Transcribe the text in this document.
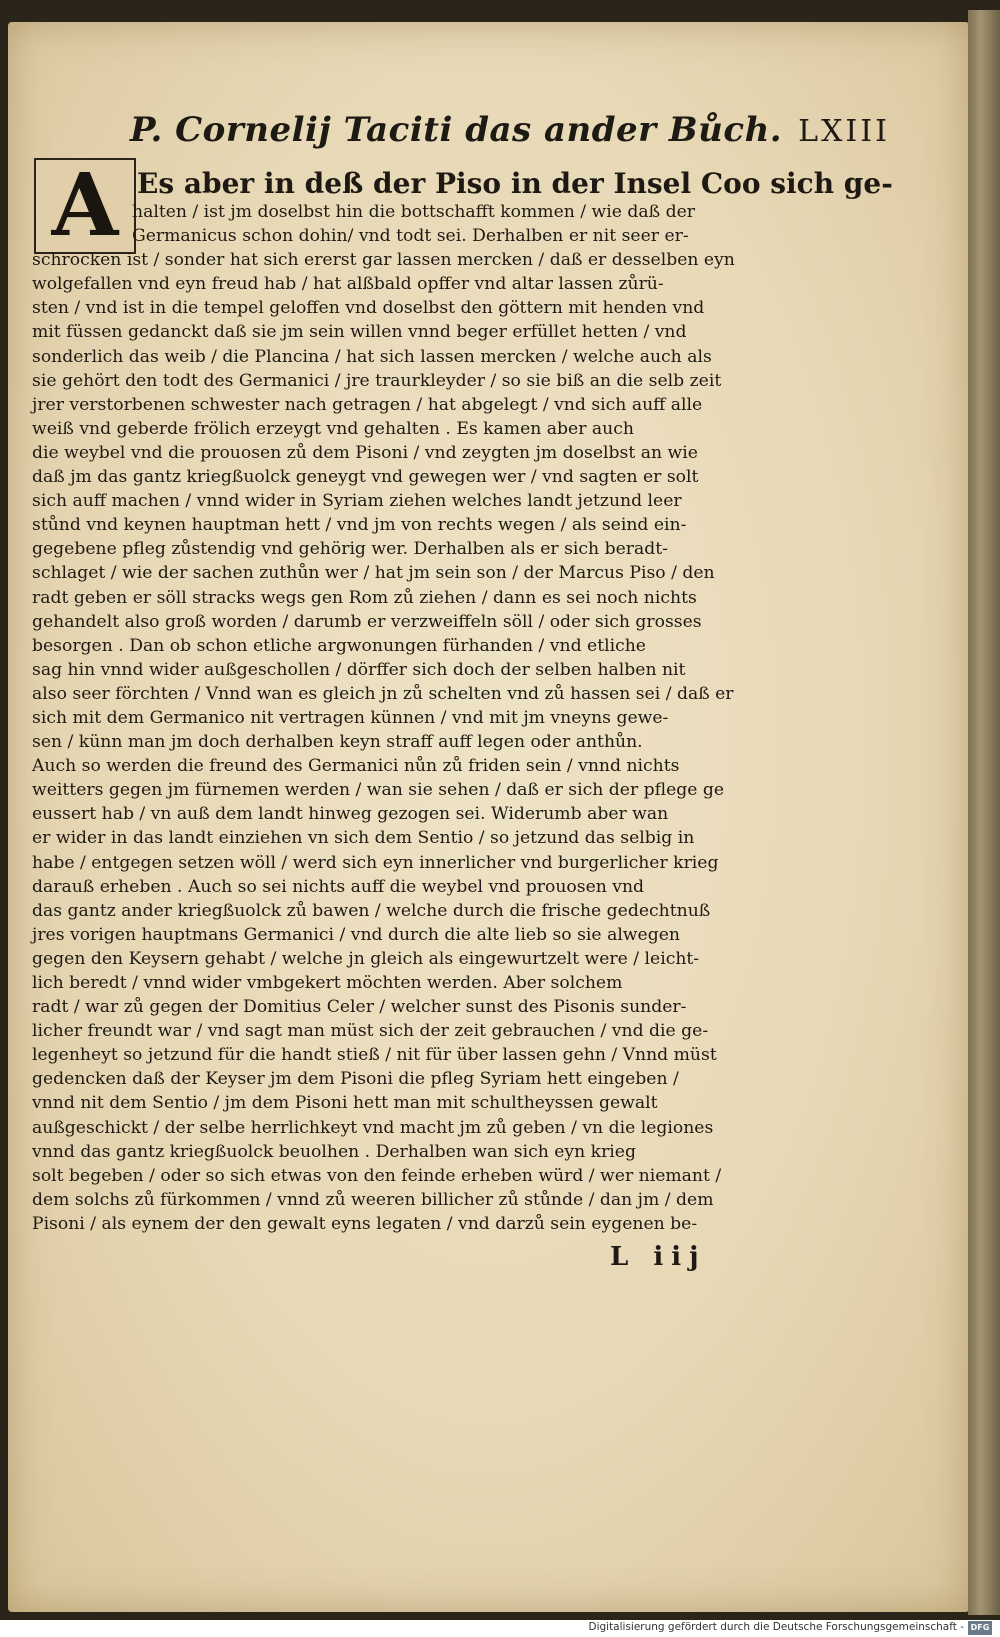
P. Cornelij Taciti das ander Bůch. LXIII
A Es aber in deß der Piso in der Insel Coo sich ge-
halten / ist jm doselbst hin die bottschafft kommen / wie daß der
Germanicus schon dohin/ vnd todt sei. Derhalben er nit seer er-
schrocken ist / sonder hat sich ererst gar lassen mercken / daß er desselben eyn
wolgefallen vnd eyn freud hab / hat alßbald opffer vnd altar lassen zůrü-
sten / vnd ist in die tempel geloffen vnd doselbst den göttern mit henden vnd
mit füssen gedanckt daß sie jm sein willen vnnd beger erfüllet hetten / vnd
sonderlich das weib / die Plancina / hat sich lassen mercken / welche auch als
sie gehört den todt des Germanici / jre traurkleyder / so sie biß an die selb zeit
jrer verstorbenen schwester nach getragen / hat abgelegt / vnd sich auff alle
weiß vnd geberde frölich erzeygt vnd gehalten . Es kamen aber auch
die weybel vnd die prouosen zů dem Pisoni / vnd zeygten jm doselbst an wie
daß jm das gantz kriegßuolck geneygt vnd gewegen wer / vnd sagten er solt
sich auff machen / vnnd wider in Syriam ziehen welches landt jetzund leer
stůnd vnd keynen hauptman hett / vnd jm von rechts wegen / als seind ein-
gegebene pfleg zůstendig vnd gehörig wer. Derhalben als er sich beradt-
schlaget / wie der sachen zuthůn wer / hat jm sein son / der Marcus Piso / den
radt geben er söll stracks wegs gen Rom zů ziehen / dann es sei noch nichts
gehandelt also groß worden / darumb er verzweiffeln söll / oder sich grosses
besorgen . Dan ob schon etliche argwonungen fürhanden / vnd etliche
sag hin vnnd wider außgeschollen / dörffer sich doch der selben halben nit
also seer förchten / Vnnd wan es gleich jn zů schelten vnd zů hassen sei / daß er
sich mit dem Germanico nit vertragen künnen / vnd mit jm vneyns gewe-
sen / künn man jm doch derhalben keyn straff auff legen oder anthůn.
Auch so werden die freund des Germanici nůn zů friden sein / vnnd nichts
weitters gegen jm fürnemen werden / wan sie sehen / daß er sich der pflege ge
eussert hab / vn auß dem landt hinweg gezogen sei. Widerumb aber wan
er wider in das landt einziehen vn sich dem Sentio / so jetzund das selbig in
habe / entgegen setzen wöll / werd sich eyn innerlicher vnd burgerlicher krieg
darauß erheben . Auch so sei nichts auff die weybel vnd prouosen vnd
das gantz ander kriegßuolck zů bawen / welche durch die frische gedechtnuß
jres vorigen hauptmans Germanici / vnd durch die alte lieb so sie alwegen
gegen den Keysern gehabt / welche jn gleich als eingewurtzelt were / leicht-
lich beredt / vnnd wider vmbgekert möchten werden. Aber solchem
radt / war zů gegen der Domitius Celer / welcher sunst des Pisonis sunder-
licher freundt war / vnd sagt man müst sich der zeit gebrauchen / vnd die ge-
legenheyt so jetzund für die handt stieß / nit für über lassen gehn / Vnnd müst
gedencken daß der Keyser jm dem Pisoni die pfleg Syriam hett eingeben /
vnnd nit dem Sentio / jm dem Pisoni hett man mit schultheyssen gewalt
außgeschickt / der selbe herrlichkeyt vnd macht jm zů geben / vn die legiones
vnnd das gantz kriegßuolck beuolhen . Derhalben wan sich eyn krieg
solt begeben / oder so sich etwas von den feinde erheben würd / wer niemant /
dem solchs zů fürkommen / vnnd zů weeren billicher zů stůnde / dan jm / dem
Pisoni / als eynem der den gewalt eyns legaten / vnd darzů sein eygenen be-
L iij
Digitalisierung gefördert durch die Deutsche Forschungsgemeinschaft - DFG
